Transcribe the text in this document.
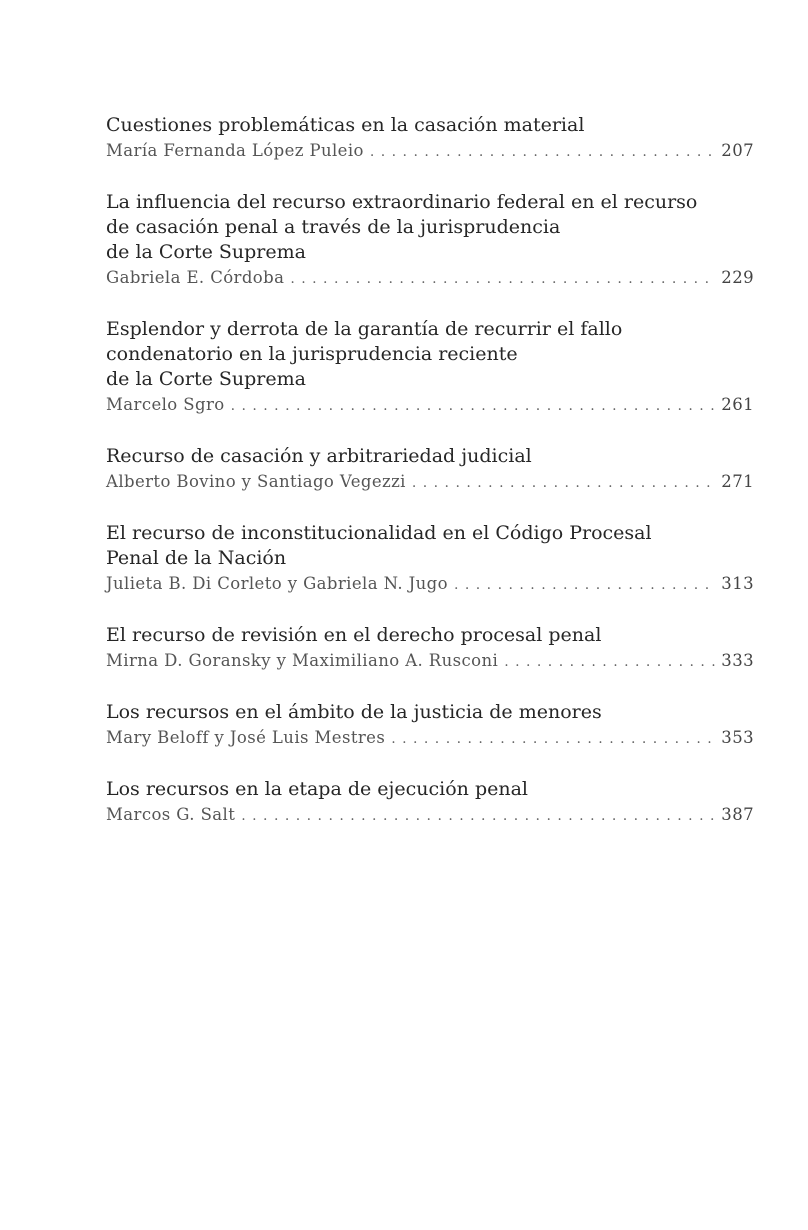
Cuestiones problemáticas en la casación material
María Fernanda López Puleio . . .	207
La influencia del recurso extraordinario federal en el recurso
de casación penal a través de la jurisprudencia
de la Corte Suprema
Gabriela E. Córdoba . . .	229
Esplendor y derrota de la garantía de recurrir el fallo
condenatorio en la jurisprudencia reciente
de la Corte Suprema
Marcelo Sgro . . .	261
Recurso de casación y arbitrariedad judicial
Alberto Bovino y Santiago Vegezzi . . .	271
El recurso de inconstitucionalidad en el Código Procesal
Penal de la Nación
Julieta B. Di Corleto y Gabriela N. Jugo . . .	313
El recurso de revisión en el derecho procesal penal
Mirna D. Goransky y Maximiliano A. Rusconi . . .	333
Los recursos en el ámbito de la justicia de menores
Mary Beloff y José Luis Mestres . . .	353
Los recursos en la etapa de ejecución penal
Marcos G. Salt . . .	387
